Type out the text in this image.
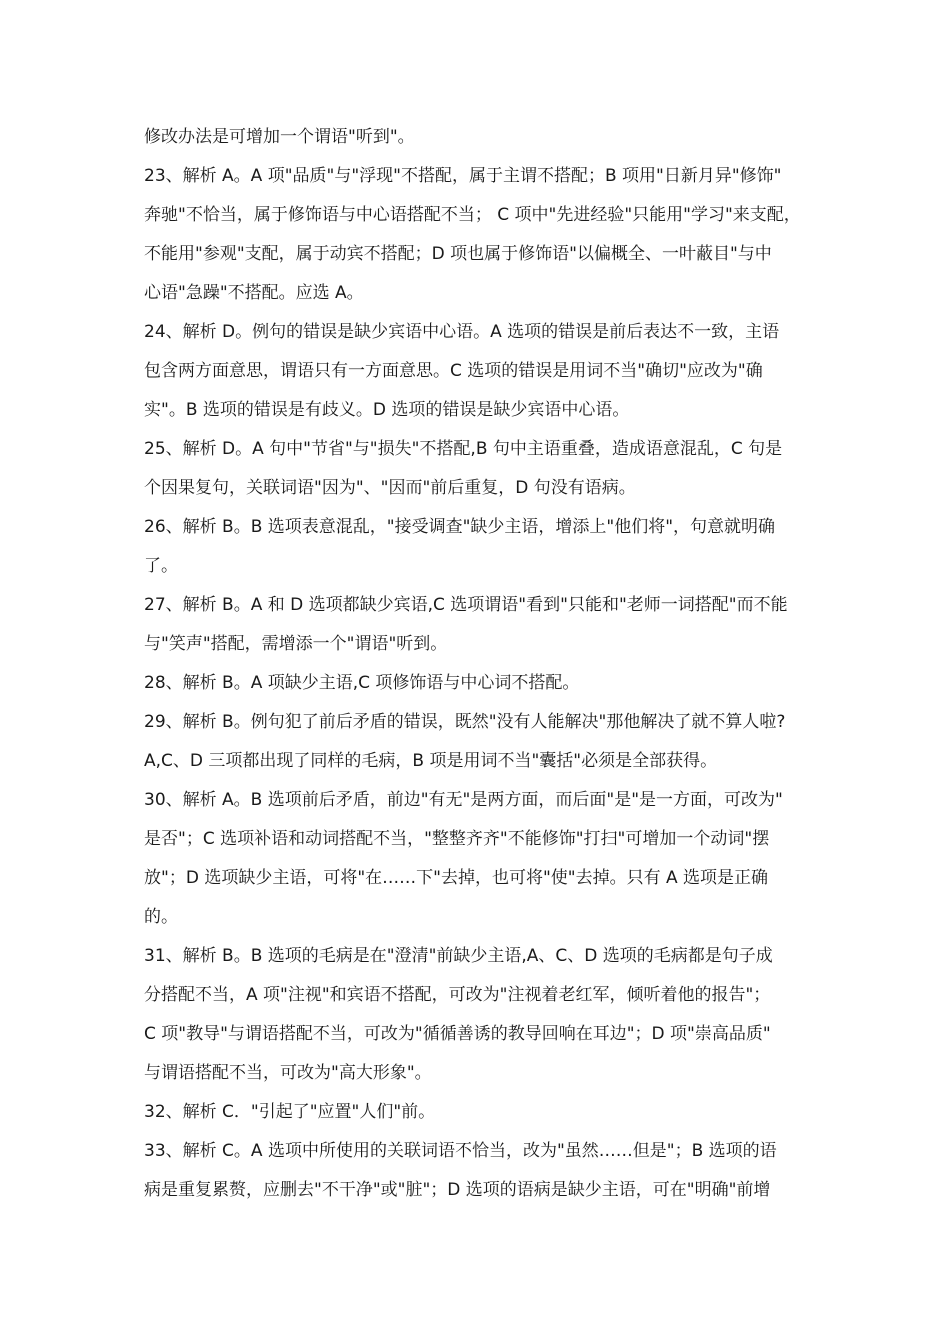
修改办法是可增加一个谓语"听到"。
23、解析 A。A 项"品质"与"浮现"不搭配，属于主谓不搭配；B 项用"日新月异"修饰"
奔驰"不恰当，属于修饰语与中心语搭配不当； C 项中"先进经验"只能用"学习"来支配，
不能用"参观"支配，属于动宾不搭配；D 项也属于修饰语"以偏概全、一叶蔽目"与中
心语"急躁"不搭配。应选 A。
24、解析 D。例句的错误是缺少宾语中心语。A 选项的错误是前后表达不一致，主语
包含两方面意思，谓语只有一方面意思。C 选项的错误是用词不当"确切"应改为"确
实"。B 选项的错误是有歧义。D 选项的错误是缺少宾语中心语。
25、解析 D。A 句中"节省"与"损失"不搭配,B 句中主语重叠，造成语意混乱，C 句是
个因果复句，关联词语"因为"、"因而"前后重复，D 句没有语病。
26、解析 B。B 选项表意混乱，"接受调查"缺少主语，增添上"他们将"，句意就明确
了。
27、解析 B。A 和 D 选项都缺少宾语,C 选项谓语"看到"只能和"老师一词搭配"而不能
与"笑声"搭配，需增添一个"谓语"听到。
28、解析 B。A 项缺少主语,C 项修饰语与中心词不搭配。
29、解析 B。例句犯了前后矛盾的错误，既然"没有人能解决"那他解决了就不算人啦?
A,C、D 三项都出现了同样的毛病，B 项是用词不当"囊括"必须是全部获得。
30、解析 A。B 选项前后矛盾，前边"有无"是两方面，而后面"是"是一方面，可改为"
是否"；C 选项补语和动词搭配不当，"整整齐齐"不能修饰"打扫"可增加一个动词"摆
放"；D 选项缺少主语，可将"在……下"去掉，也可将"使"去掉。只有 A 选项是正确
的。
31、解析 B。B 选项的毛病是在"澄清"前缺少主语,A、C、D 选项的毛病都是句子成
分搭配不当，A 项"注视"和宾语不搭配，可改为"注视着老红军，倾听着他的报告"；
C 项"教导"与谓语搭配不当，可改为"循循善诱的教导回响在耳边"；D 项"崇高品质"
与谓语搭配不当，可改为"高大形象"。
32、解析 C．"引起了"应置"人们"前。
33、解析 C。A 选项中所使用的关联词语不恰当，改为"虽然……但是"；B 选项的语
病是重复累赘，应删去"不干净"或"脏"；D 选项的语病是缺少主语，可在"明确"前增
